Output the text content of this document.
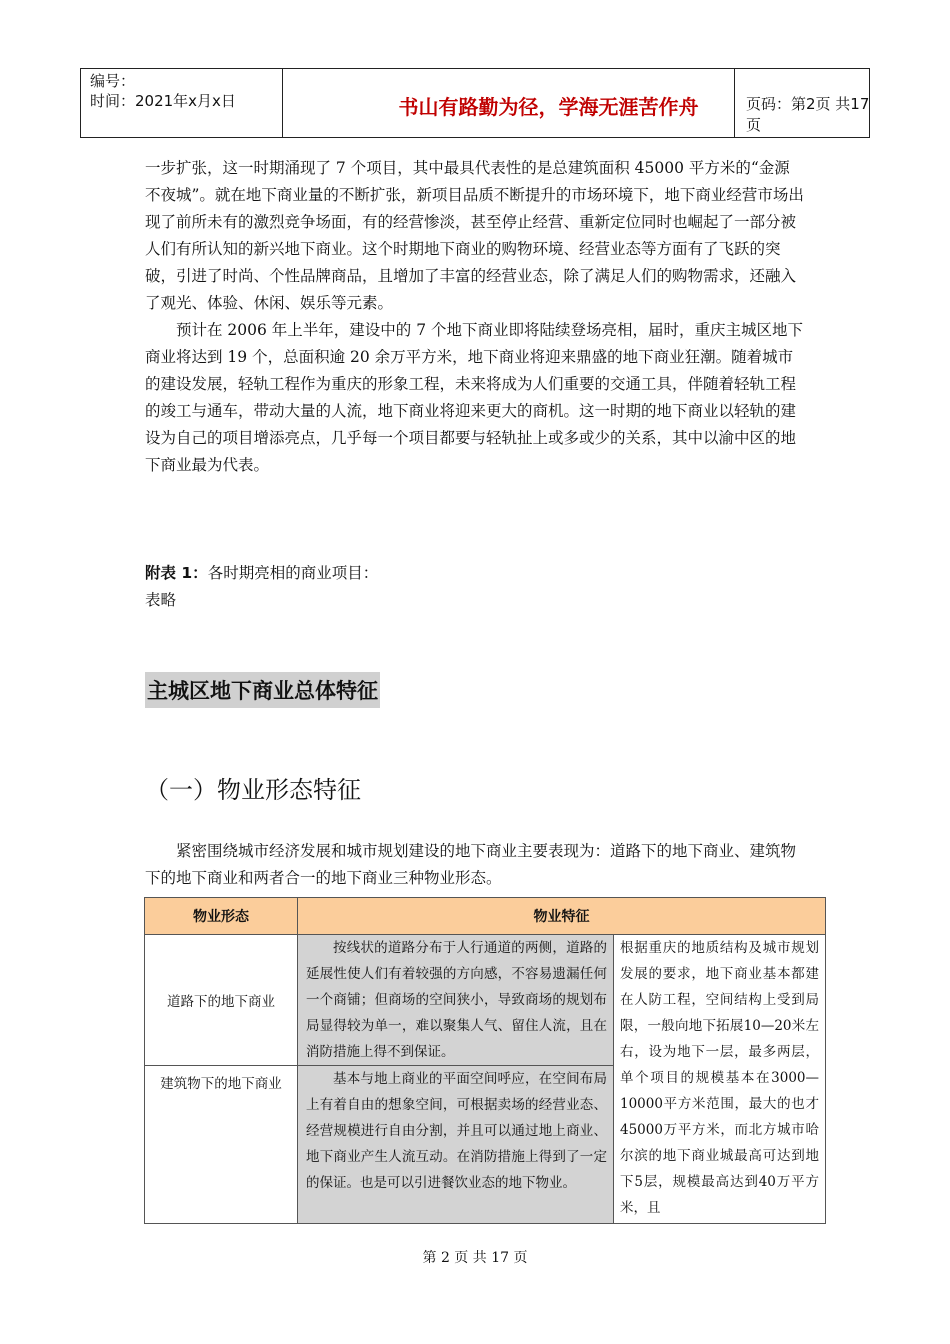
编号：
时间：2021年x月x日	书山有路勤为径，学海无涯苦作舟	页码：第2页 共17页

一步扩张，这一时期涌现了 7 个项目，其中最具代表性的是总建筑面积 45000 平方米的“金源不夜城”。就在地下商业量的不断扩张，新项目品质不断提升的市场环境下，地下商业经营市场出现了前所未有的激烈竞争场面，有的经营惨淡，甚至停止经营、重新定位同时也崛起了一部分被人们有所认知的新兴地下商业。这个时期地下商业的购物环境、经营业态等方面有了飞跃的突破，引进了时尚、个性品牌商品，且增加了丰富的经营业态，除了满足人们的购物需求，还融入了观光、体验、休闲、娱乐等元素。

预计在 2006 年上半年，建设中的 7 个地下商业即将陆续登场亮相，届时，重庆主城区地下商业将达到 19 个，总面积逾 20 余万平方米，地下商业将迎来鼎盛的地下商业狂潮。随着城市的建设发展，轻轨工程作为重庆的形象工程，未来将成为人们重要的交通工具，伴随着轻轨工程的竣工与通车，带动大量的人流，地下商业将迎来更大的商机。这一时期的地下商业以轻轨的建设为自己的项目增添亮点，几乎每一个项目都要与轻轨扯上或多或少的关系，其中以渝中区的地下商业最为代表。

附表 1：各时期亮相的商业项目：
表略
主城区地下商业总体特征
（一）物业形态特征
紧密围绕城市经济发展和城市规划建设的地下商业主要表现为：道路下的地下商业、建筑物下的地下商业和两者合一的地下商业三种物业形态。
物业形态	物业特征	
道路下的地下商业	按线状的道路分布于人行通道的两侧，道路的延展性使人们有着较强的方向感，不容易遗漏任何一个商铺；但商场的空间狭小，导致商场的规划布局显得较为单一，难以聚集人气、留住人流，且在消防措施上得不到保证。	根据重庆的地质结构及城市规划发展的要求，地下商业基本都建在人防工程，空间结构上受到局限，一般向地下拓展10—20米左右，设为地下一层，最多两层，单个项目的规模基本在3000—10000平方米范围，最大的也才45000万平方米，而北方城市哈尔滨的地下商业城最高可达到地下5层，规模最高达到40万平方米，且

建筑物下的地下商业	基本与地上商业的平面空间呼应，在空间布局上有着自由的想象空间，可根据卖场的经营业态、经营规模进行自由分割，并且可以通过地上商业、地下商业产生人流互动。在消防措施上得到了一定的保证。也是可以引进餐饮业态的地下物业。	
第 2 页 共 17 页
